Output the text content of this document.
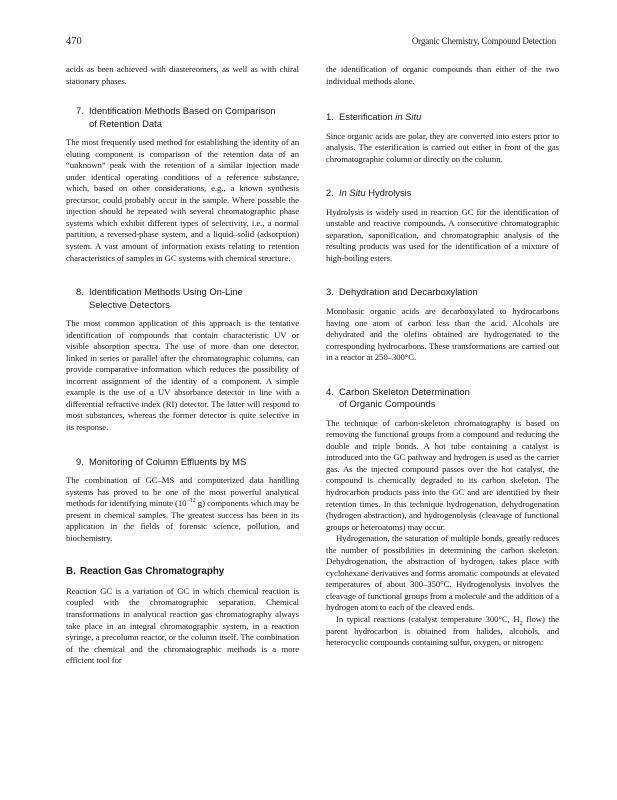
470	Organic Chemistry, Compound Detection

acids as been achieved with diastereomers, as well as with chiral stationary phases.

7. Identification Methods Based on Comparison
of Retention Data

The most frequently used method for establishing the identity of an eluting component is comparison of the retention data of an “unknown” peak with the retention of a similar injection made under identical operating conditions of a reference substance, which, based on other considerations, e.g., a known synthesis precursor, could probably occur in the sample. Where possible the injection should be repeated with several chromatographic phase systems which exhibit different types of selectivity, i.e., a normal partition, a reversed-phase system, and a liquid–solid (adsorption) system. A vast amount of information exists relating to retention characteristics of samples in GC systems with chemical structure.

8. Identification Methods Using On-Line
Selective Detectors

The most common application of this approach is the tentative identification of compounds that contain characteristic UV or visible absorption spectra. The use of more than one detector, linked in series or parallel after the chromatographic columns, can provide comparative information which reduces the possibility of incorrent assignment of the identity of a component. A simple example is the use of a UV absorbance detector in line with a differential refractive index (RI) detector. The latter will respond to most substances, whereas the former detector is quite selective in its response.

9. Monitoring of Column Effluents by MS

The combination of GC–MS and computerized data handling systems has proved to be one of the most powerful analytical methods for identifying minute ($10^{-12}$ g) components which may be present in chemical samples. The greatest success has been in its application in the fields of forensic science, pollution, and biochemistry.

B. Reaction Gas Chromatography

Reaction GC is a variation of GC in which chemical reaction is coupled with the chromatographic separation. Chemical transformations in analytical reaction gas chromatography always take place in an integral chromatographic system, in a reaction syringe, a precolumn reactor, or the column itself. The combination of the chemical and the chromatographic methods is a more efficient tool for

the identification of organic compounds than either of the two individual methods alone.

1. Esterification in Situ

Since organic acids are polar, they are converted into esters prior to analysis. The esterification is carried out either in front of the gas chromatographic column or directly on the column.

2. In Situ Hydrolysis

Hydrolysis is widely used in reaction GC for the identification of unstable and reactive compounds. A consecutive chromatographic separation, saponification, and chromatographic analysis of the resulting products was used for the identification of a mixture of high-boiling esters.

3. Dehydration and Decarboxylation

Monobasic organic acids are decarboxylated to hydrocarbons having one atom of carbon less than the acid. Alcohols are dehydrated and the olefins obtained are hydrogenated to the corresponding hydrocarbons. These transformations are carried out in a reactor at 250–300°C.

4. Carbon Skeleton Determination
of Organic Compounds

The technique of carbon-skeleton chromatography is based on removing the functional groups from a compound and reducing the double and triple bonds. A hot tube containing a catalyst is introduced into the GC pathway and hydrogen is used as the carrier gas. As the injected compound passes over the hot catalyst, the compound is chemically degraded to its carbon skeleton. The hydrocarbon products pass into the GC and are identified by their retention times. In this technique hydrogenation, dehydrogenation (hydrogen abstraction), and hydrogenolysis (cleavage of functional groups or heteroatoms) may occur.

Hydrogenation, the saturation of multiple bonds, greatly reduces the number of possibilities in determining the carbon skeleton. Dehydrogenation, the abstraction of hydrogen, takes place with cyclohexane derivatives and forms aromatic compounds at elevated temperatures of about 300–350°C. Hydrogenolysis involves the cleavage of functional groups from a molecule and the addition of a hydrogen atom to each of the cleaved ends.

In typical reactions (catalyst temperature 300°C, $H_2$ flow) the parent hydrocarbon is obtained from halides, alcohols, and heterocyclic compounds containing sulfur, oxygen, or nitrogen:
